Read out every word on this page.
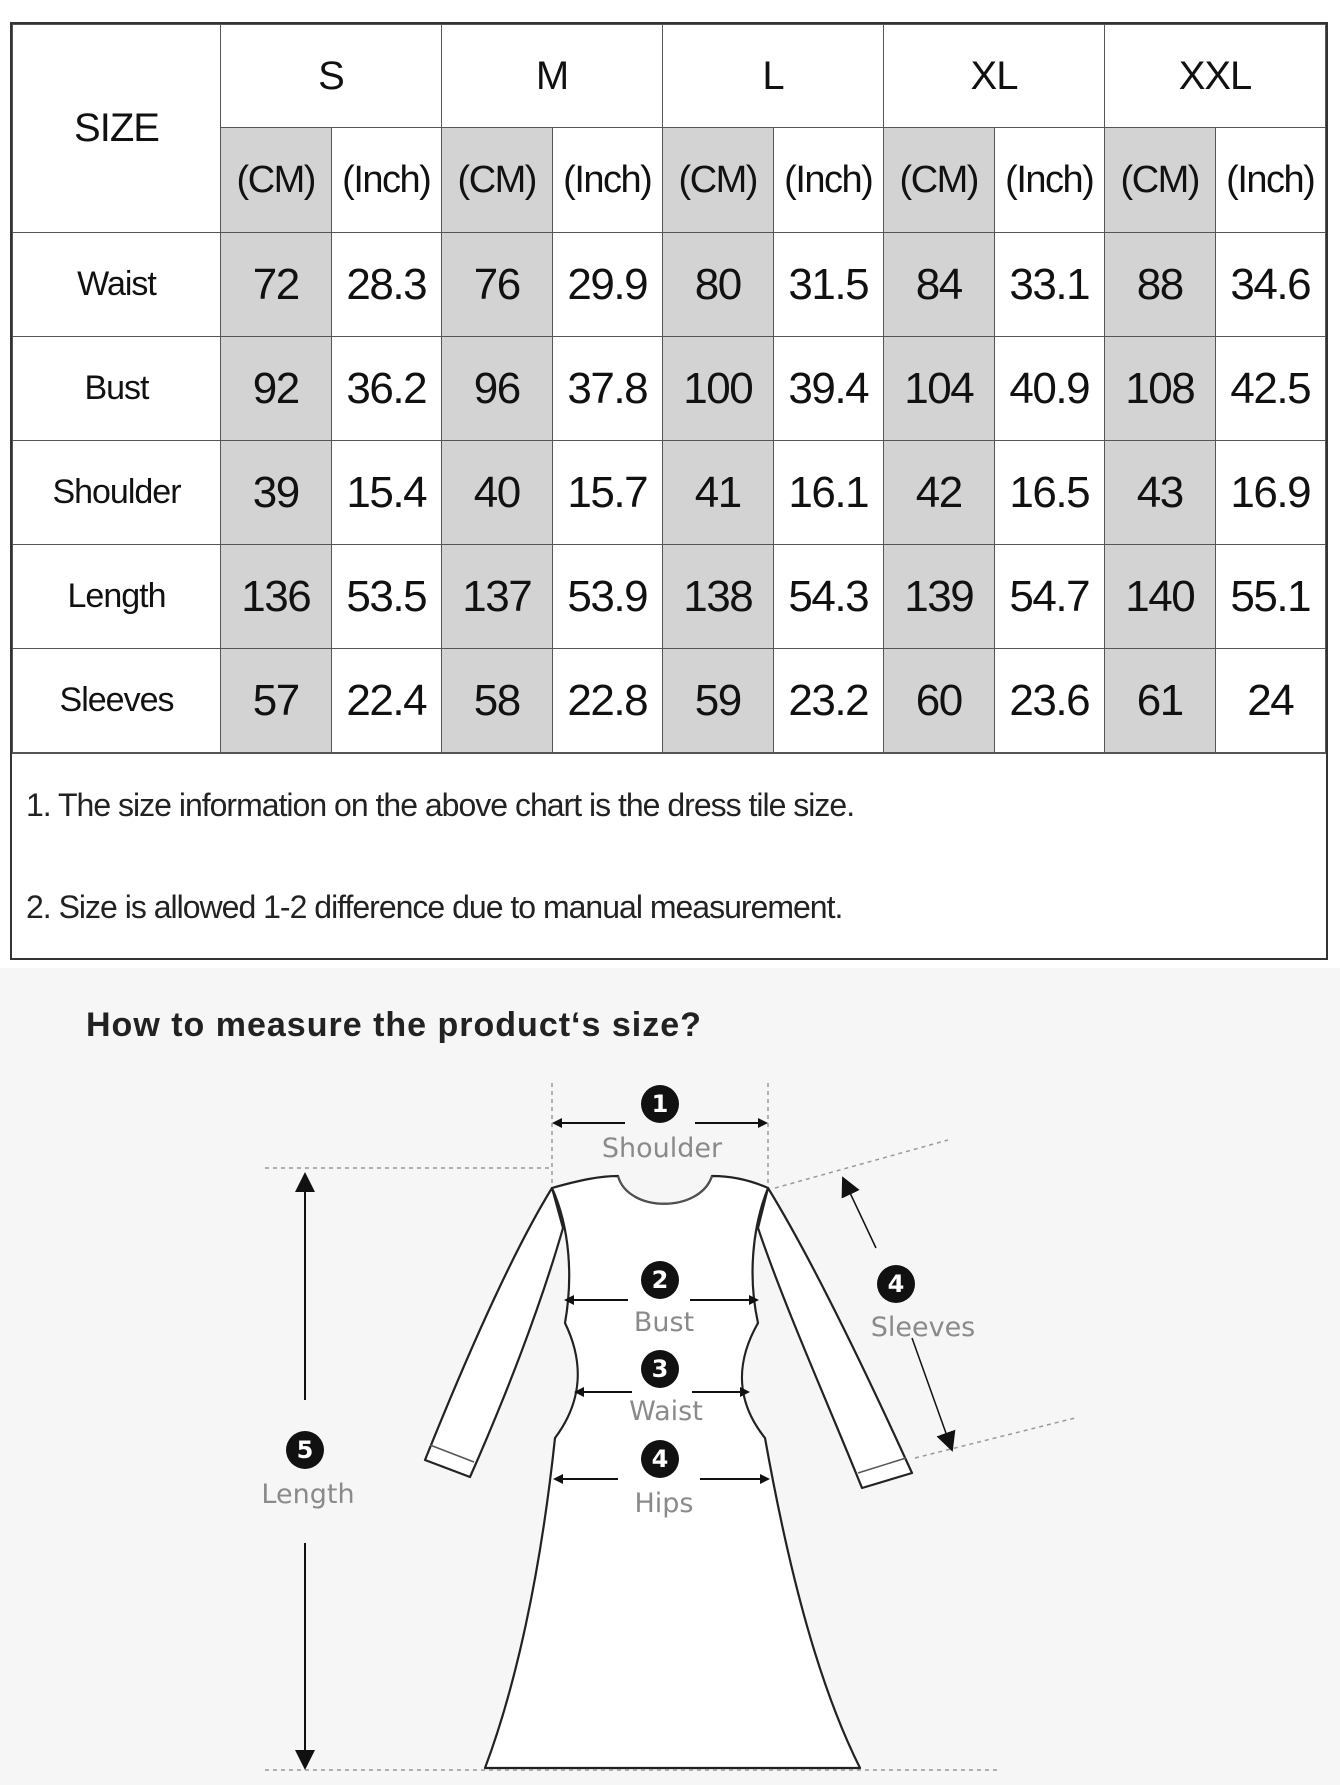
SIZE	S		M		L		XL		XXL	
	(CM)	(Inch)	(CM)	(Inch)	(CM)	(Inch)	(CM)	(Inch)	(CM)	(Inch)
Waist	72	28.3	76	29.9	80	31.5	84	33.1	88	34.6
Bust	92	36.2	96	37.8	100	39.4	104	40.9	108	42.5
Shoulder	39	15.4	40	15.7	41	16.1	42	16.5	43	16.9
Length	136	53.5	137	53.9	138	54.3	139	54.7	140	55.1
Sleeves	57	22.4	58	22.8	59	23.2	60	23.6	61	24
1. The size information on the above chart is the dress tile size.
2. Size is allowed 1-2 difference due to manual measurement.
How to measure the product‘s size?
1
Shoulder
2
Bust
3
Waist
4
Hips
4
Sleeves
5
Length
